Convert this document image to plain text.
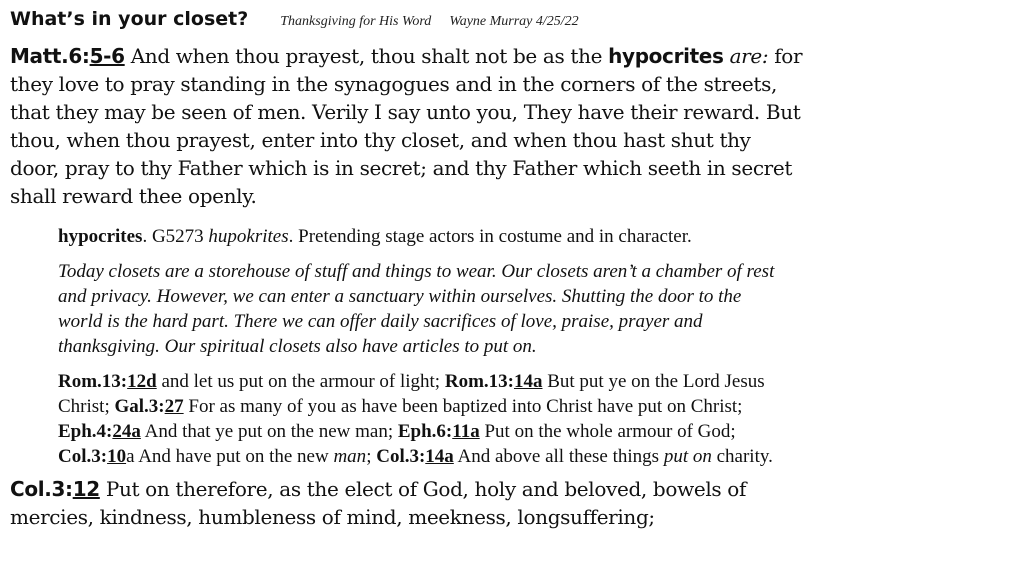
What’s in your closet? Thanksgiving for His Word Wayne Murray 4/25/22
Matt.6:5-6 And when thou prayest, thou shalt not be as the hypocrites are: for
they love to pray standing in the synagogues and in the corners of the streets,
that they may be seen of men. Verily I say unto you, They have their reward. But
thou, when thou prayest, enter into thy closet, and when thou hast shut thy
door, pray to thy Father which is in secret; and thy Father which seeth in secret
shall reward thee openly.
hypocrites. G5273 hupokrites. Pretending stage actors in costume and in character.
Today closets are a storehouse of stuff and things to wear. Our closets aren’t a chamber of rest
and privacy. However, we can enter a sanctuary within ourselves. Shutting the door to the
world is the hard part. There we can offer daily sacrifices of love, praise, prayer and
thanksgiving. Our spiritual closets also have articles to put on.
Rom.13:12d and let us put on the armour of light; Rom.13:14a But put ye on the Lord Jesus
Christ; Gal.3:27 For as many of you as have been baptized into Christ have put on Christ;
Eph.4:24a And that ye put on the new man; Eph.6:11a Put on the whole armour of God;
Col.3:10a And have put on the new man; Col.3:14a And above all these things put on charity.
Col.3:12 Put on therefore, as the elect of God, holy and beloved, bowels of
mercies, kindness, humbleness of mind, meekness, longsuffering;
